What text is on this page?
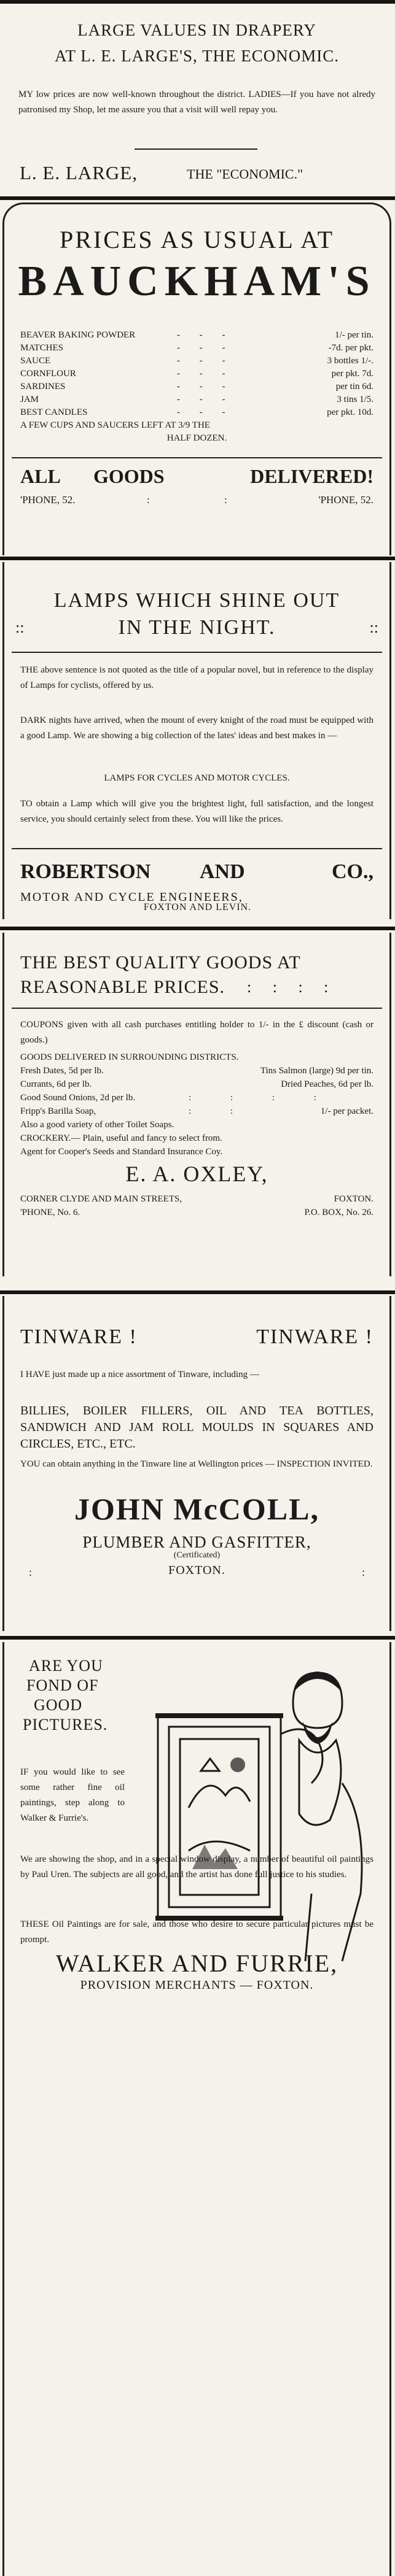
LARGE VALUES IN DRAPERY
AT L. E. LARGE'S, THE ECONOMIC.
MY low prices are now well-known throughout the district. LADIES—If you have not alredy patronised my Shop, let me assure you that a visit will well repay you.
L. E. LARGE,	THE "ECONOMIC."
PRICES AS USUAL AT
BAUCKHAM'S
BEAVER BAKING POWDER	- - -	1/- per tin.
MATCHES	- - -	-7d. per pkt.
SAUCE	- - -	3 bottles 1/-.
CORNFLOUR	- - -	per pkt. 7d.
SARDINES	- - -	per tin 6d.
JAM	- - -	3 tins 1/5.
BEST CANDLES	- - -	per pkt. 10d.
A FEW CUPS AND SAUCERS LEFT AT 3/9 THE
HALF DOZEN.
ALL GOODS	DELIVERED!
'PHONE, 52.	:	:	'PHONE, 52.
LAMPS WHICH SHINE OUT
::	IN THE NIGHT.	::
THE above sentence is not quoted as the title of a popular novel, but in reference to the display of Lamps for cyclists, offered by us.
DARK nights have arrived, when the mount of every knight of the road must be equipped with a good Lamp. We are showing a big collection of the lates' ideas and best makes in —
LAMPS FOR CYCLES AND MOTOR CYCLES.
TO obtain a Lamp which will give you the brightest light, full satisfaction, and the longest service, you should certainly select from these. You will like the prices.
ROBERTSON AND	CO.,
MOTOR AND CYCLE ENGINEERS,
FOXTON AND LEVIN.
THE BEST QUALITY GOODS AT
REASONABLE PRICES. : : : :
COUPONS given with all cash purchases entitling holder to 1/- in the £ discount (cash or goods.)
GOODS DELIVERED IN SURROUNDING DISTRICTS.
Fresh Dates, 5d per lb.	Tins Salmon (large) 9d per tin.
Currants, 6d per lb.	Dried Peaches, 6d per lb.
Good Sound Onions, 2d per lb.	: : : :
Fripp's Barilla Soap,	: :	1/- per packet.
Also a good variety of other Toilet Soaps.
CROCKERY.— Plain, useful and fancy to select from.
Agent for Cooper's Seeds and Standard Insurance Coy.
E. A. OXLEY,
CORNER CLYDE AND MAIN STREETS,	FOXTON.
'PHONE, No. 6.	P.O. BOX, No. 26.
TINWARE !	TINWARE !
I HAVE just made up a nice assortment of Tinware, including —
BILLIES, BOILER FILLERS, OIL AND TEA BOTTLES, SANDWICH AND JAM ROLL MOULDS IN SQUARES AND CIRCLES, ETC., ETC.
YOU can obtain anything in the Tinware line at Wellington prices — INSPECTION INVITED.
JOHN McCOLL,
PLUMBER AND GASFITTER,
(Certificated)
:	FOXTON.	:
ARE YOU
FOND OF
GOOD
PICTURES.
IF you would like to see some rather fine oil paintings, step along to Walker & Furrie's.
We are showing the shop, and in a special window display, a number of beautiful oil paintings by Paul Uren. The subjects are all good, and the artist has done full justice to his studies.
THESE Oil Paintings are for sale, and those who desire to secure particular pictures must be prompt.
WALKER AND FURRIE,
PROVISION MERCHANTS — FOXTON.
